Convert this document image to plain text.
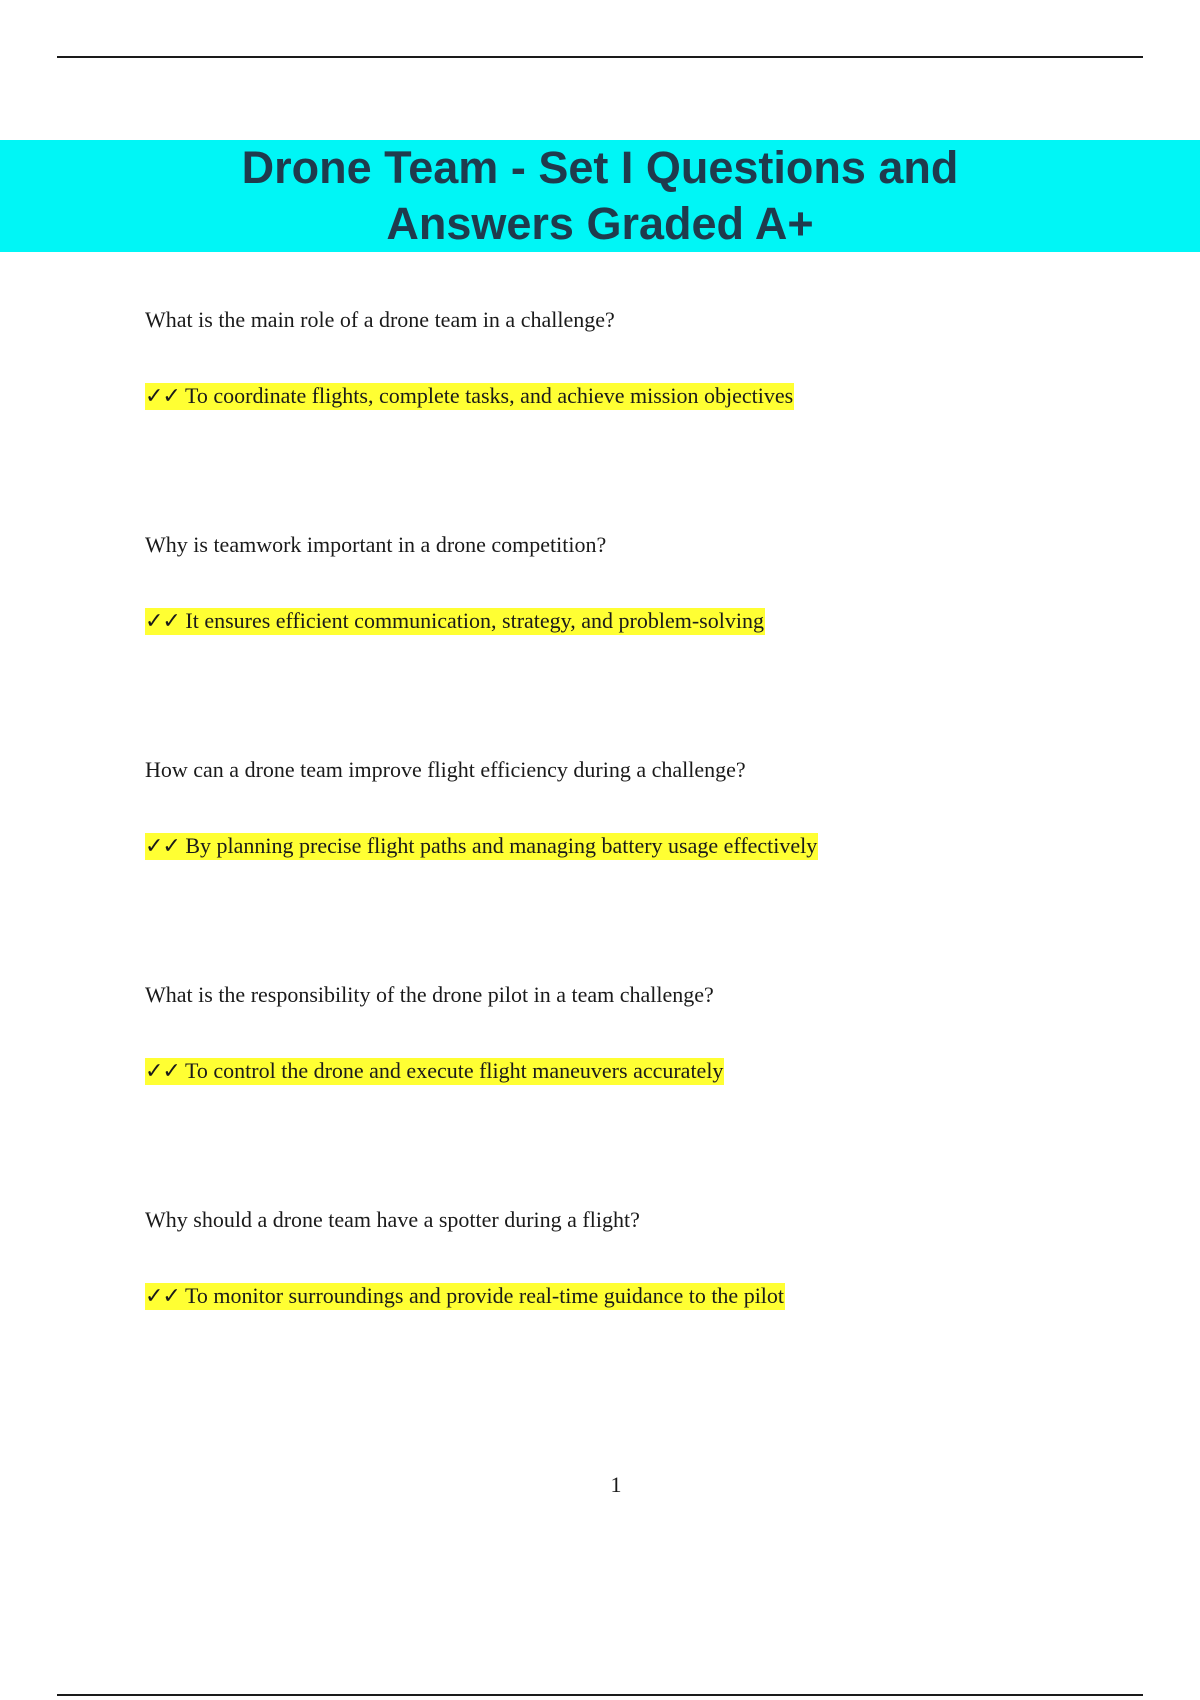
Drone Team - Set I Questions and
Answers Graded A+

What is the main role of a drone team in a challenge?

✓✓ To coordinate flights, complete tasks, and achieve mission objectives

Why is teamwork important in a drone competition?

✓✓ It ensures efficient communication, strategy, and problem-solving

How can a drone team improve flight efficiency during a challenge?

✓✓ By planning precise flight paths and managing battery usage effectively

What is the responsibility of the drone pilot in a team challenge?

✓✓ To control the drone and execute flight maneuvers accurately

Why should a drone team have a spotter during a flight?

✓✓ To monitor surroundings and provide real-time guidance to the pilot

1
